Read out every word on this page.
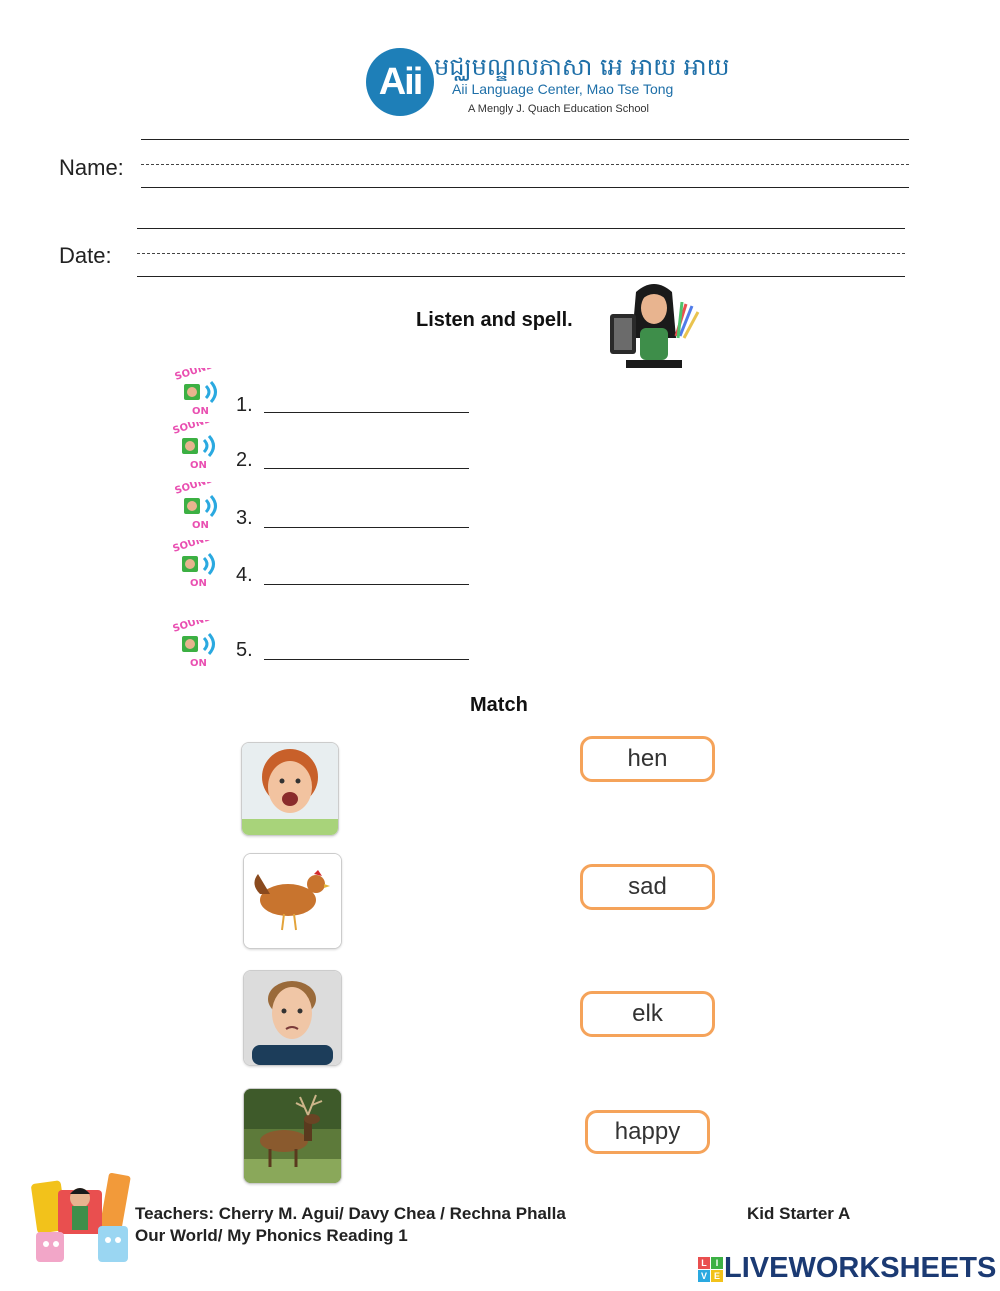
Aii មជ្ឈមណ្ឌលភាសា អេ អាយ អាយ
Aii Language Center, Mao Tse Tong
A Mengly J. Quach Education School
Name:
Date:
Listen and spell.
SOUND
ON 1.
SOUND
ON 2.
SOUND
ON 3.
SOUND
ON 4.
SOUND
ON
5.
Match
hen
sad
elk
happy
Teachers: Cherry M. Agui/ Davy Chea / Rechna Phalla	Kid Starter A
Our World/ My Phonics Reading 1
L I
V E LIVEWORKSHEETS
